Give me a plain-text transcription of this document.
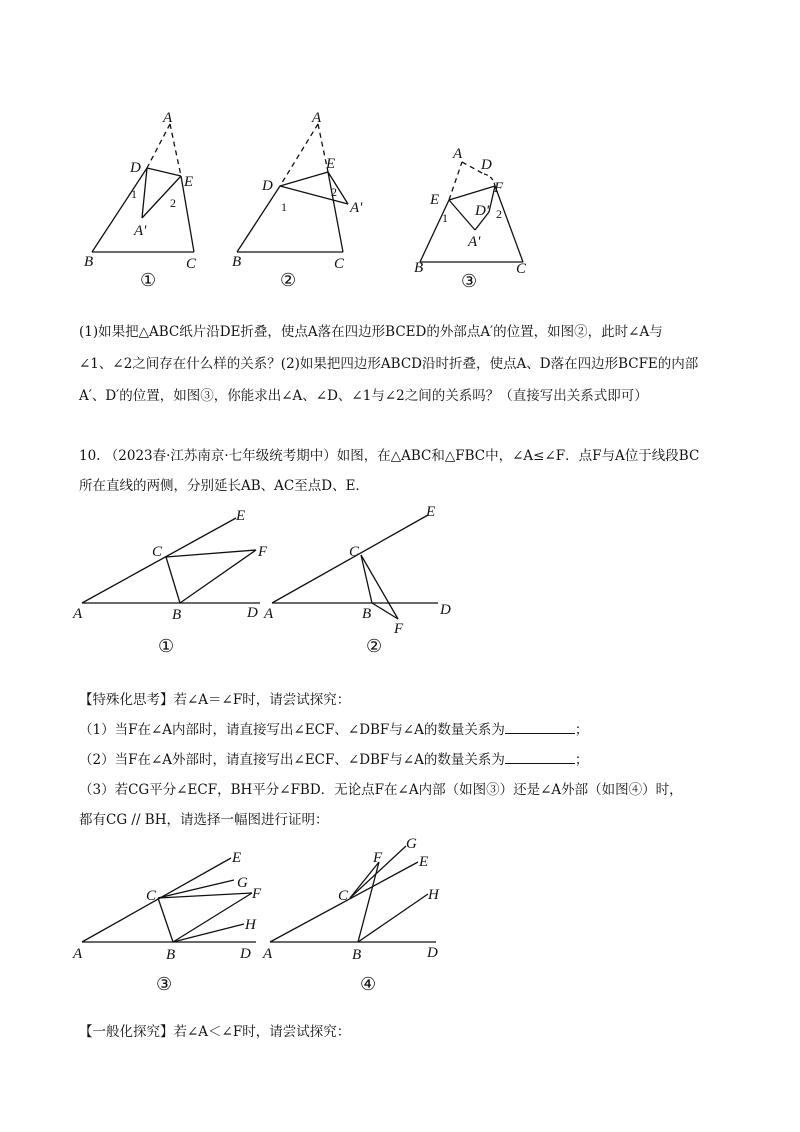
A
D
E
A'
B	C
1
2
①
A
D
E
A'
B	C
1
2
②
A
D
E
F
D'
A'
B	C
1	2
③
(1)如果把△ABC纸片沿DE折叠，使点A落在四边形BCED的外部点A′的位置，如图②，此时∠A与
∠1、∠2之间存在什么样的关系？(2)如果把四边形ABCD沿时折叠，使点A、D落在四边形BCFE的内部
A′、D′的位置，如图③，你能求出∠A、∠D、∠1与∠2之间的关系吗？（直接写出关系式即可）
10. （2023春·江苏南京·七年级统考期中）如图，在△ABC和△FBC中，∠A≤∠F．点F与A位于线段BC
所在直线的两侧，分别延长AB、AC至点D、E．
A	B
C
D
E
F
①
A	B
C
D
E
F
②
【特殊化思考】若∠A＝∠F时，请尝试探究：
（1）当F在∠A内部时，请直接写出∠ECF、∠DBF与∠A的数量关系为	；
（2）当F在∠A外部时，请直接写出∠ECF、∠DBF与∠A的数量关系为	；
（3）若CG平分∠ECF，BH平分∠FBD．无论点F在∠A内部（如图③）还是∠A外部（如图④）时，
都有CG // BH，请选择一幅图进行证明：
A	B
C
D
E
G
F
H
③
A	B
C
D
E
F
G
H
④
【一般化探究】若∠A＜∠F时，请尝试探究：
